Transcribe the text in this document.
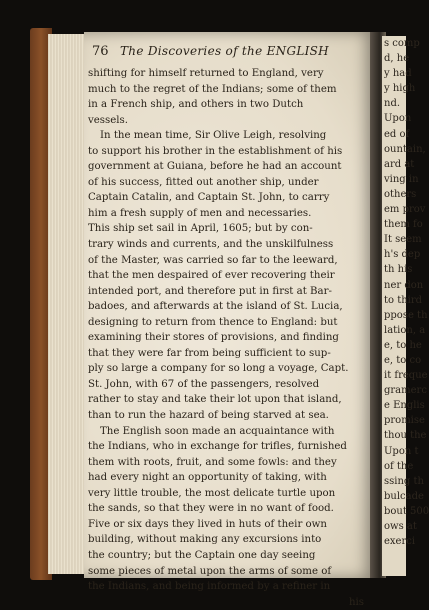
s comp
d, he
y had
y high
nd.
Upon
ed of
ountain,
ard at
ving in
others
em prov
them fo
It seem
h's dep
th his
ner don
to third
ppose th
lation, a
e, to he
e, to co
it freque
gramerc
e Englis
promise
thou the
Upon t
of the
ssing th
bulcade
bout 500
ows at
exerci
76 The Discoveries of the ENGLISH
shifting for himself returned to England, very
much to the regret of the Indians; some of them
in a French ship, and others in two Dutch
vessels.
In the mean time, Sir Olive Leigh, resolving
to support his brother in the establishment of his
government at Guiana, before he had an account
of his success, fitted out another ship, under
Captain Catalin, and Captain St. John, to carry
him a fresh supply of men and necessaries.
This ship set sail in April, 1605; but by con-
trary winds and currents, and the unskilfulness
of the Master, was carried so far to the leeward,
that the men despaired of ever recovering their
intended port, and therefore put in first at Bar-
badoes, and afterwards at the island of St. Lucia,
designing to return from thence to England: but
examining their stores of provisions, and finding
that they were far from being sufficient to sup-
ply so large a company for so long a voyage, Capt.
St. John, with 67 of the passengers, resolved
rather to stay and take their lot upon that island,
than to run the hazard of being starved at sea.
The English soon made an acquaintance with
the Indians, who in exchange for trifles, furnished
them with roots, fruit, and some fowls: and they
had every night an opportunity of taking, with
very little trouble, the most delicate turtle upon
the sands, so that they were in no want of food.
Five or six days they lived in huts of their own
building, without making any excursions into
the country; but the Captain one day seeing
some pieces of metal upon the arms of some of
the Indians, and being informed by a refiner in
his
